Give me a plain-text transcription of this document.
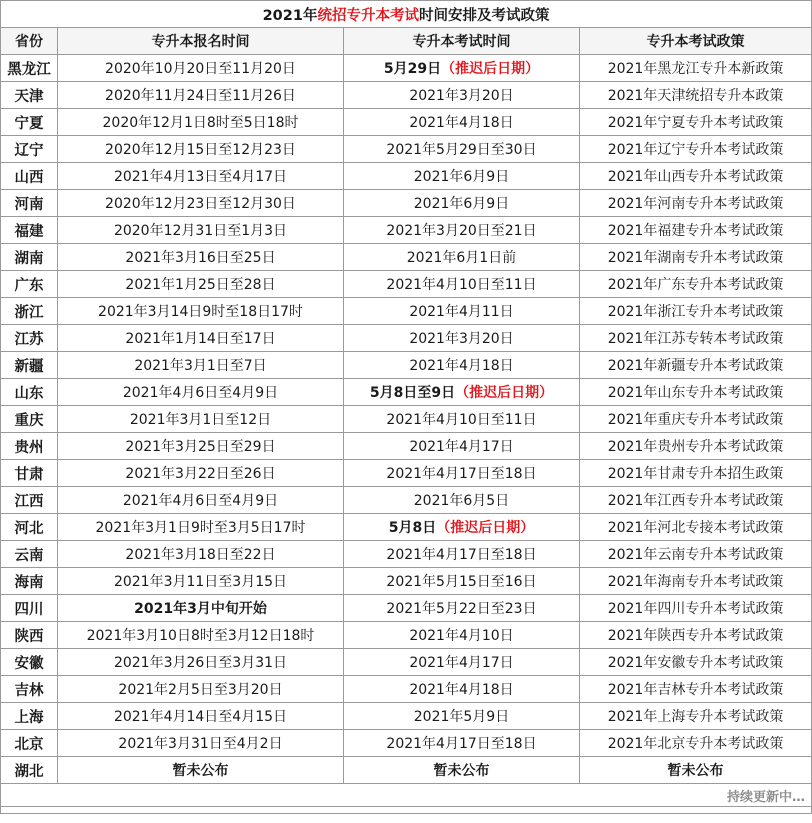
2021年统招专升本考试时间安排及考试政策			
省份	专升本报名时间	专升本考试时间	专升本考试政策
黑龙江	2020年10月20日至11月20日	5月29日（推迟后日期）	2021年黑龙江专升本新政策
天津	2020年11月24日至11月26日	2021年3月20日	2021年天津统招专升本政策
宁夏	2020年12月1日8时至5日18时	2021年4月18日	2021年宁夏专升本考试政策
辽宁	2020年12月15日至12月23日	2021年5月29日至30日	2021年辽宁专升本考试政策
山西	2021年4月13日至4月17日	2021年6月9日	2021年山西专升本考试政策
河南	2020年12月23日至12月30日	2021年6月9日	2021年河南专升本考试政策
福建	2020年12月31日至1月3日	2021年3月20日至21日	2021年福建专升本考试政策
湖南	2021年3月16日至25日	2021年6月1日前	2021年湖南专升本考试政策
广东	2021年1月25日至28日	2021年4月10日至11日	2021年广东专升本考试政策
浙江	2021年3月14日9时至18日17时	2021年4月11日	2021年浙江专升本考试政策
江苏	2021年1月14日至17日	2021年3月20日	2021年江苏专转本考试政策
新疆	2021年3月1日至7日	2021年4月18日	2021年新疆专升本考试政策
山东	2021年4月6日至4月9日	5月8日至9日（推迟后日期）	2021年山东专升本考试政策
重庆	2021年3月1日至12日	2021年4月10日至11日	2021年重庆专升本考试政策
贵州	2021年3月25日至29日	2021年4月17日	2021年贵州专升本考试政策
甘肃	2021年3月22日至26日	2021年4月17日至18日	2021年甘肃专升本招生政策
江西	2021年4月6日至4月9日	2021年6月5日	2021年江西专升本考试政策
河北	2021年3月1日9时至3月5日17时	5月8日（推迟后日期）	2021年河北专接本考试政策
云南	2021年3月18日至22日	2021年4月17日至18日	2021年云南专升本考试政策
海南	2021年3月11日至3月15日	2021年5月15日至16日	2021年海南专升本考试政策
四川	2021年3月中旬开始	2021年5月22日至23日	2021年四川专升本考试政策
陕西	2021年3月10日8时至3月12日18时	2021年4月10日	2021年陕西专升本考试政策
安徽	2021年3月26日至3月31日	2021年4月17日	2021年安徽专升本考试政策
吉林	2021年2月5日至3月20日	2021年4月18日	2021年吉林专升本考试政策
上海	2021年4月14日至4月15日	2021年5月9日	2021年上海专升本考试政策
北京	2021年3月31日至4月2日	2021年4月17日至18日	2021年北京专升本考试政策
湖北	暂未公布	暂未公布	暂未公布
持续更新中…			
